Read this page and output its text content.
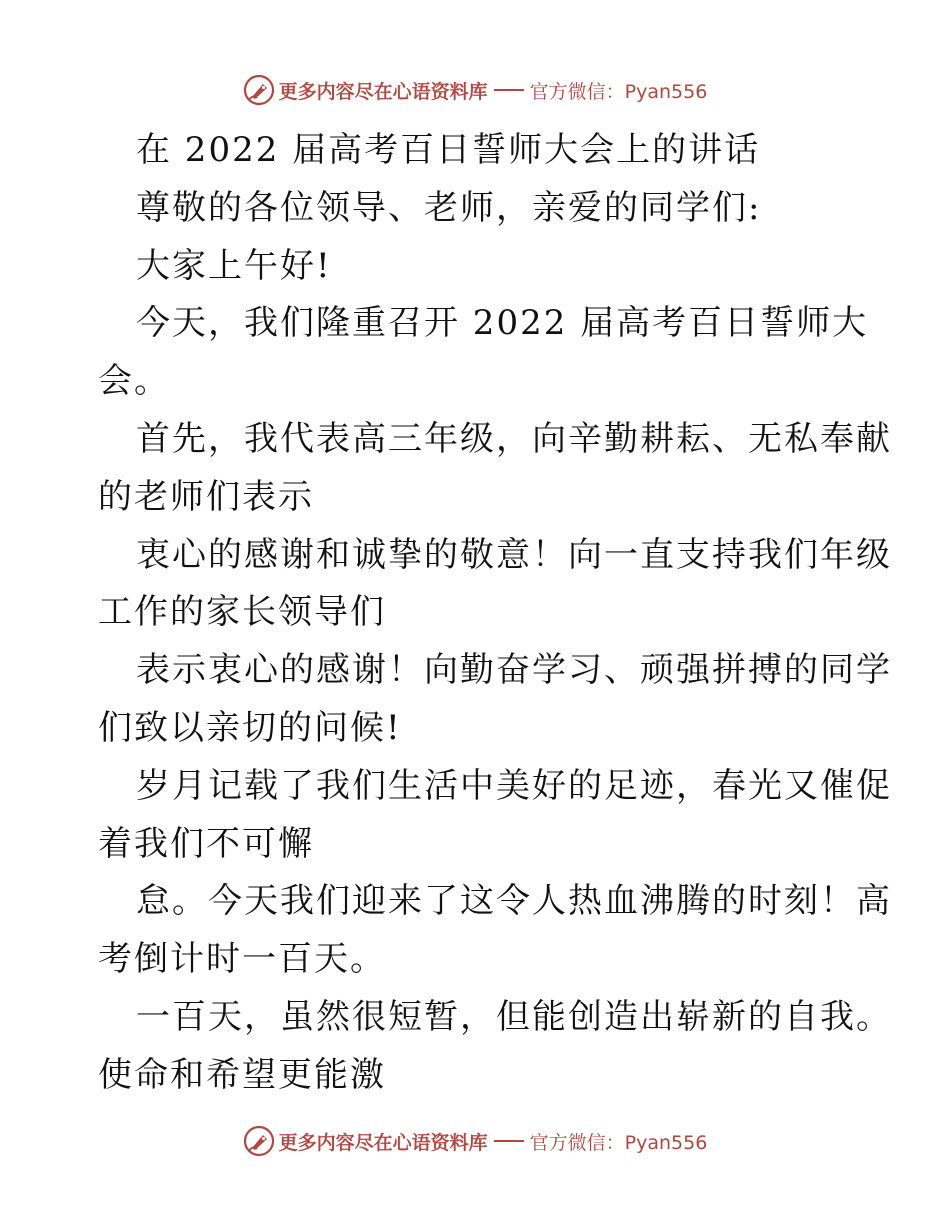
更多内容尽在心语资料库 官方微信：Pyan556
在 2022 届高考百日誓师大会上的讲话
尊敬的各位领导、老师，亲爱的同学们:
大家上午好!
今天，我们隆重召开 2022 届高考百日誓师大
会。
首先，我代表高三年级，向辛勤耕耘、无私奉献
的老师们表示
衷心的感谢和诚挚的敬意！向一直支持我们年级
工作的家长领导们
表示衷心的感谢！向勤奋学习、顽强拼搏的同学
们致以亲切的问候!
岁月记载了我们生活中美好的足迹，春光又催促
着我们不可懈
怠。今天我们迎来了这令人热血沸腾的时刻！高
考倒计时一百天。
一百天，虽然很短暂，但能创造出崭新的自我。
使命和希望更能激
更多内容尽在心语资料库 官方微信：Pyan556
